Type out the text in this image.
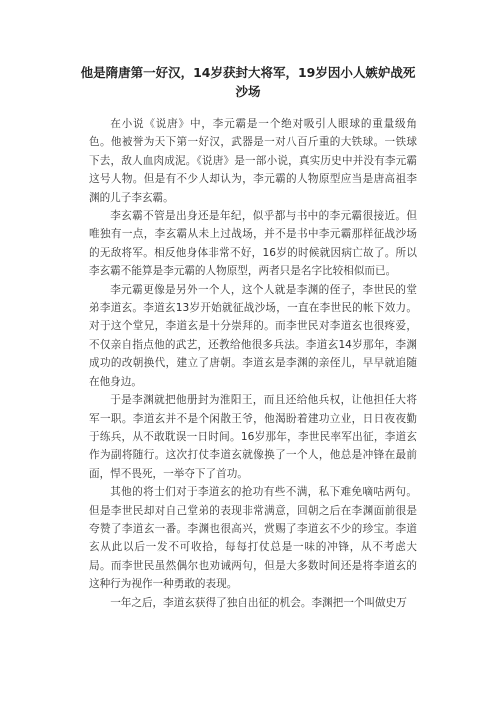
他是隋唐第一好汉，14岁获封大将军，19岁因小人嫉妒战死
沙场

在小说《说唐》中，李元霸是一个绝对吸引人眼球的重量级角色。他被誉为天下第一好汉，武器是一对八百斤重的大铁球。一铁球下去，敌人血肉成泥。《说唐》是一部小说，真实历史中并没有李元霸这号人物。但是有不少人却认为，李元霸的人物原型应当是唐高祖李渊的儿子李玄霸。

李玄霸不管是出身还是年纪，似乎都与书中的李元霸很接近。但唯独有一点，李玄霸从未上过战场，并不是书中李元霸那样征战沙场的无敌将军。相反他身体非常不好，16岁的时候就因病亡故了。所以李玄霸不能算是李元霸的人物原型，两者只是名字比较相似而已。

李元霸更像是另外一个人，这个人就是李渊的侄子，李世民的堂弟李道玄。李道玄13岁开始就征战沙场，一直在李世民的帐下效力。对于这个堂兄，李道玄是十分崇拜的。而李世民对李道玄也很疼爱，不仅亲自指点他的武艺，还教给他很多兵法。李道玄14岁那年，李渊成功的改朝换代，建立了唐朝。李道玄是李渊的亲侄儿，早早就追随在他身边。

于是李渊就把他册封为淮阳王，而且还给他兵权，让他担任大将军一职。李道玄并不是个闲散王爷，他渴盼着建功立业，日日夜夜勤于练兵，从不敢耽误一日时间。16岁那年，李世民率军出征，李道玄作为副将随行。这次打仗李道玄就像换了一个人，他总是冲锋在最前面，悍不畏死，一举夺下了首功。

其他的将士们对于李道玄的抢功有些不满，私下难免嘀咕两句。但是李世民却对自己堂弟的表现非常满意，回朝之后在李渊面前很是夸赞了李道玄一番。李渊也很高兴，赏赐了李道玄不少的珍宝。李道玄从此以后一发不可收拾，每每打仗总是一味的冲锋，从不考虑大局。而李世民虽然偶尔也劝诫两句，但是大多数时间还是将李道玄的这种行为视作一种勇敢的表现。

一年之后，李道玄获得了独自出征的机会。李渊把一个叫做史万
